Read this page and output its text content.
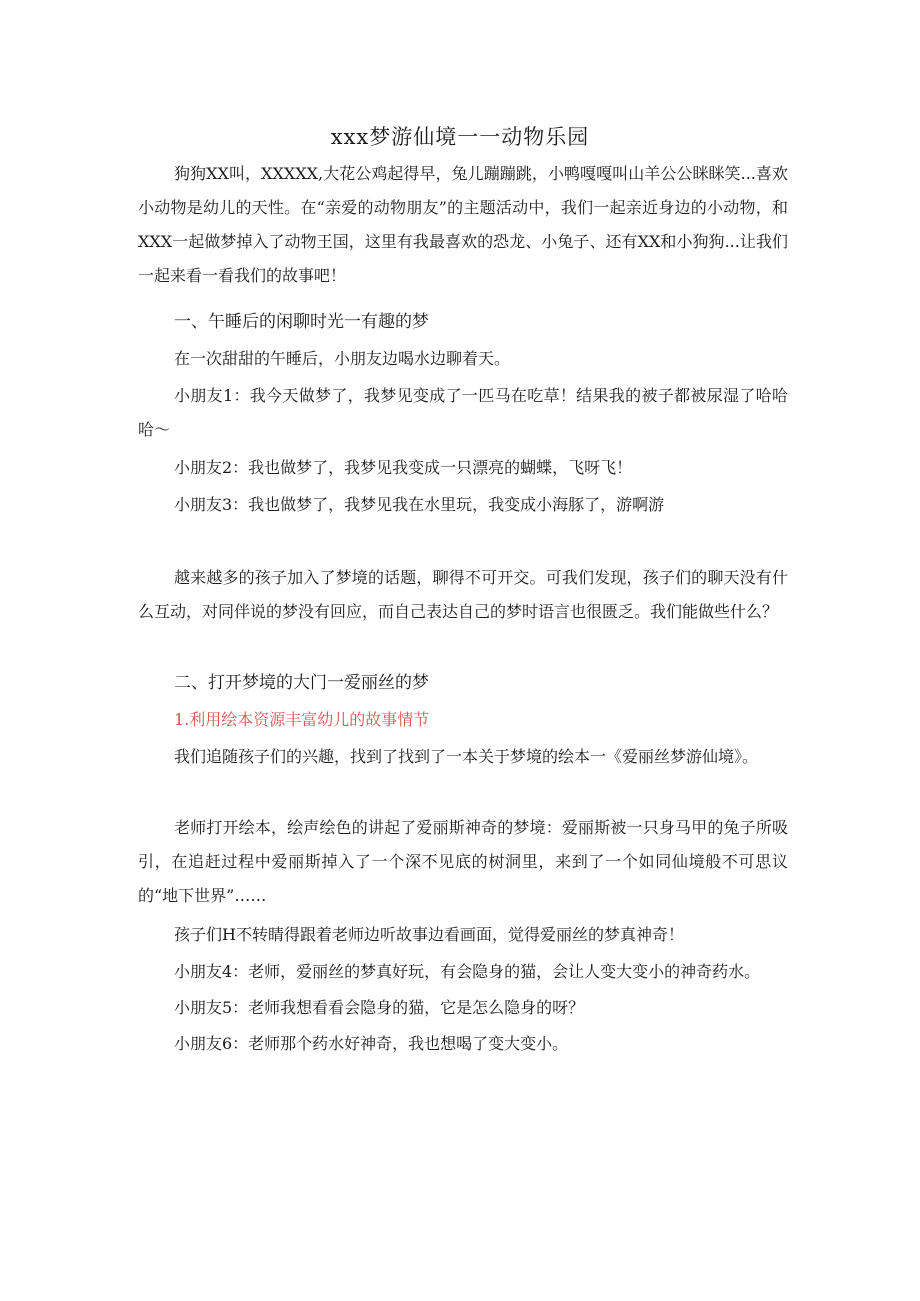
xxx梦游仙境一一动物乐园
狗狗XX叫，XXXXX,大花公鸡起得早，兔儿蹦蹦跳，小鸭嘎嘎叫山羊公公眯眯笑...喜欢小动物是幼儿的天性。在“亲爱的动物朋友”的主题活动中，我们一起亲近身边的小动物，和XXX一起做梦掉入了动物王国，这里有我最喜欢的恐龙、小兔子、还有XX和小狗狗...让我们一起来看一看我们的故事吧！
一、午睡后的闲聊时光一有趣的梦
在一次甜甜的午睡后，小朋友边喝水边聊着天。
小朋友1：我今天做梦了，我梦见变成了一匹马在吃草！结果我的被子都被尿湿了哈哈哈～
小朋友2：我也做梦了，我梦见我变成一只漂亮的蝴蝶，飞呀飞！
小朋友3：我也做梦了，我梦见我在水里玩，我变成小海豚了，游啊游
越来越多的孩子加入了梦境的话题，聊得不可开交。可我们发现，孩子们的聊天没有什么互动，对同伴说的梦没有回应，而自己表达自己的梦时语言也很匮乏。我们能做些什么？
二、打开梦境的大门一爱丽丝的梦
1.利用绘本资源丰富幼儿的故事情节
我们追随孩子们的兴趣，找到了找到了一本关于梦境的绘本一《爱丽丝梦游仙境》。
老师打开绘本，绘声绘色的讲起了爱丽斯神奇的梦境：爱丽斯被一只身马甲的兔子所吸引，在追赶过程中爱丽斯掉入了一个深不见底的树洞里，来到了一个如同仙境般不可思议的“地下世界”……
孩子们H不转睛得跟着老师边听故事边看画面，觉得爱丽丝的梦真神奇！
小朋友4：老师，爱丽丝的梦真好玩，有会隐身的猫，会让人变大变小的神奇药水。
小朋友5：老师我想看看会隐身的猫，它是怎么隐身的呀？
小朋友6：老师那个药水好神奇，我也想喝了变大变小。
